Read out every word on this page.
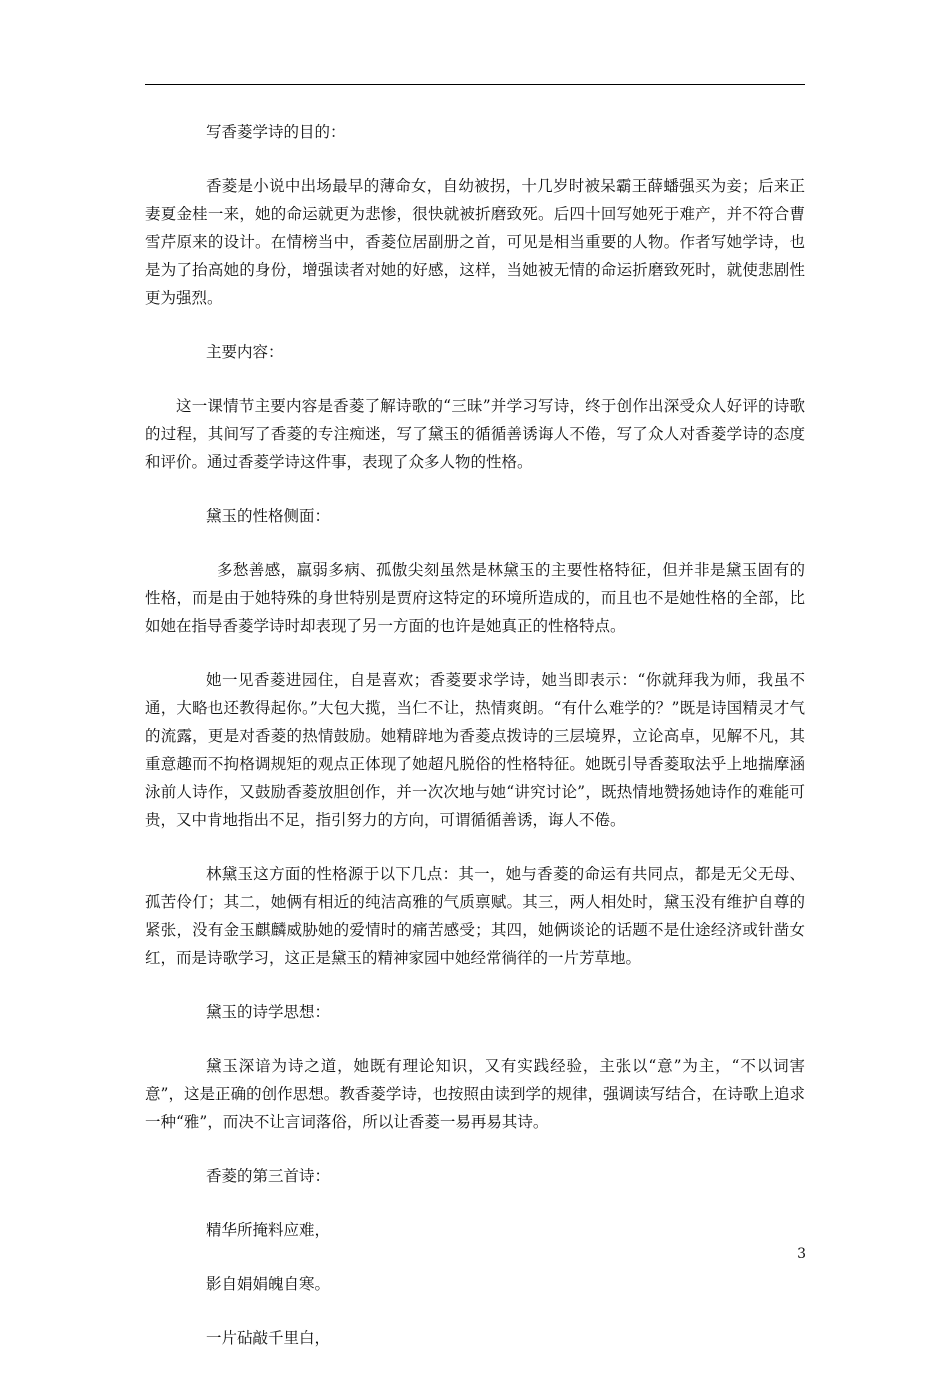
写香菱学诗的目的：

香菱是小说中出场最早的薄命女，自幼被拐，十几岁时被呆霸王薛蟠强买为妾；后来正妻夏金桂一来，她的命运就更为悲惨，很快就被折磨致死。后四十回写她死于难产，并不符合曹雪芹原来的设计。在情榜当中，香菱位居副册之首，可见是相当重要的人物。作者写她学诗，也是为了抬高她的身份，增强读者对她的好感，这样，当她被无情的命运折磨致死时，就使悲剧性更为强烈。

主要内容：

这一课情节主要内容是香菱了解诗歌的“三昧”并学习写诗，终于创作出深受众人好评的诗歌的过程，其间写了香菱的专注痴迷，写了黛玉的循循善诱诲人不倦，写了众人对香菱学诗的态度和评价。通过香菱学诗这件事，表现了众多人物的性格。

黛玉的性格侧面：

多愁善感，羸弱多病、孤傲尖刻虽然是林黛玉的主要性格特征，但并非是黛玉固有的性格，而是由于她特殊的身世特别是贾府这特定的环境所造成的，而且也不是她性格的全部，比如她在指导香菱学诗时却表现了另一方面的也许是她真正的性格特点。

她一见香菱进园住，自是喜欢；香菱要求学诗，她当即表示：“你就拜我为师，我虽不通，大略也还教得起你。”大包大揽，当仁不让，热情爽朗。“有什么难学的？”既是诗国精灵才气的流露，更是对香菱的热情鼓励。她精辟地为香菱点拨诗的三层境界，立论高卓，见解不凡，其重意趣而不拘格调规矩的观点正体现了她超凡脱俗的性格特征。她既引导香菱取法乎上地揣摩涵泳前人诗作，又鼓励香菱放胆创作，并一次次地与她“讲究讨论”，既热情地赞扬她诗作的难能可贵，又中肯地指出不足，指引努力的方向，可谓循循善诱，诲人不倦。

林黛玉这方面的性格源于以下几点：其一，她与香菱的命运有共同点，都是无父无母、孤苦伶仃；其二，她俩有相近的纯洁高雅的气质禀赋。其三，两人相处时，黛玉没有维护自尊的紧张，没有金玉麒麟威胁她的爱情时的痛苦感受；其四，她俩谈论的话题不是仕途经济或针凿女红，而是诗歌学习，这正是黛玉的精神家园中她经常徜徉的一片芳草地。

黛玉的诗学思想：

黛玉深谙为诗之道，她既有理论知识，又有实践经验，主张以“意”为主，“不以词害意”，这是正确的创作思想。教香菱学诗，也按照由读到学的规律，强调读写结合，在诗歌上追求一种“雅”，而决不让言词落俗，所以让香菱一易再易其诗。

香菱的第三首诗：

精华所掩料应难，

影自娟娟魄自寒。

一片砧敲千里白，

3
